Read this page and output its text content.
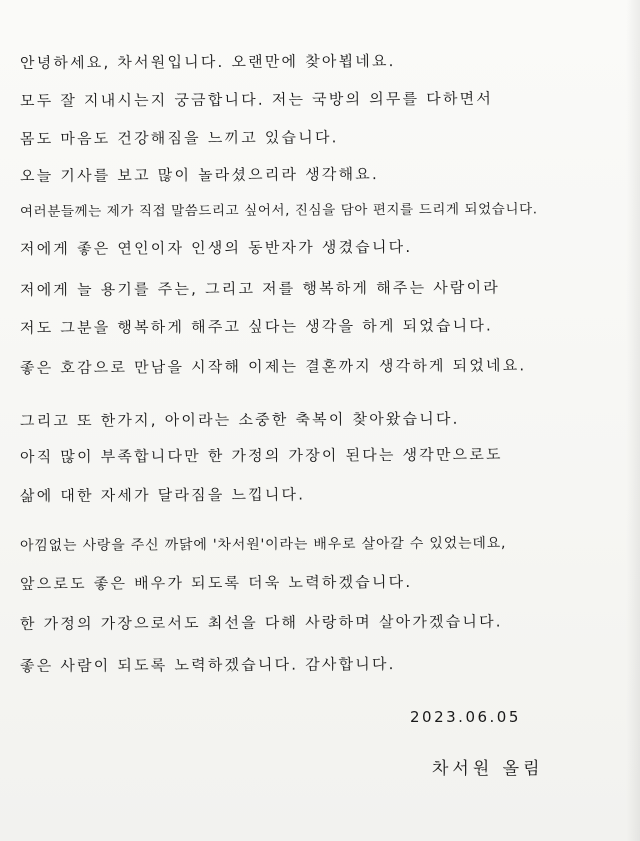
안녕하세요, 차서원입니다. 오랜만에 찾아뵙네요.
모두 잘 지내시는지 궁금합니다. 저는 국방의 의무를 다하면서
몸도 마음도 건강해짐을 느끼고 있습니다.
오늘 기사를 보고 많이 놀라셨으리라 생각해요.
여러분들께는 제가 직접 말씀드리고 싶어서, 진심을 담아 편지를 드리게 되었습니다.
저에게 좋은 연인이자 인생의 동반자가 생겼습니다.
저에게 늘 용기를 주는, 그리고 저를 행복하게 해주는 사람이라
저도 그분을 행복하게 해주고 싶다는 생각을 하게 되었습니다.
좋은 호감으로 만남을 시작해 이제는 결혼까지 생각하게 되었네요.
그리고 또 한가지, 아이라는 소중한 축복이 찾아왔습니다.
아직 많이 부족합니다만 한 가정의 가장이 된다는 생각만으로도
삶에 대한 자세가 달라짐을 느낍니다.
아낌없는 사랑을 주신 까닭에 '차서원'이라는 배우로 살아갈 수 있었는데요,
앞으로도 좋은 배우가 되도록 더욱 노력하겠습니다.
한 가정의 가장으로서도 최선을 다해 사랑하며 살아가겠습니다.
좋은 사람이 되도록 노력하겠습니다. 감사합니다.
2023.06.05
차서원 올림
